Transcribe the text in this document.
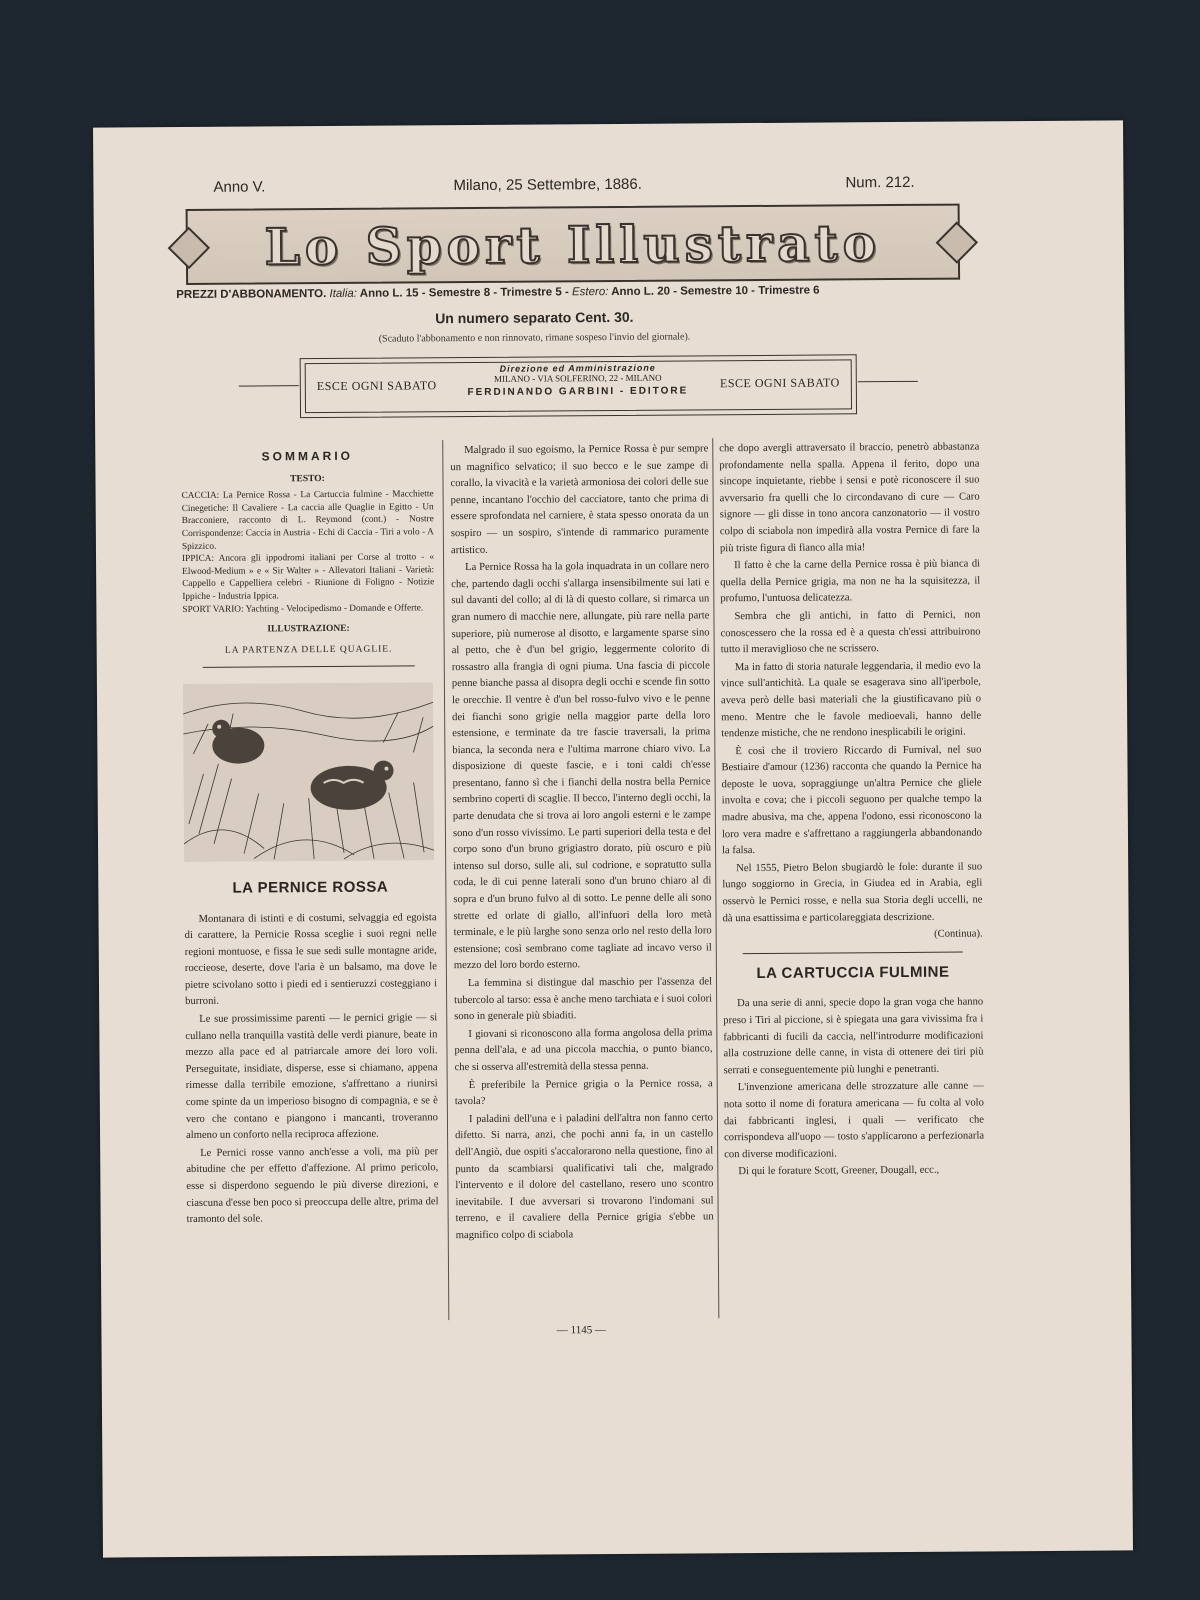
Anno V.	Milano, 25 Settembre, 1886.	Num. 212.
Lo Sport Illustrato
PREZZI D'ABBONAMENTO. Italia: Anno L. 15 - Semestre 8 - Trimestre 5 - Estero: Anno L. 20 - Semestre 10 - Trimestre 6
Un numero separato Cent. 30.
(Scaduto l'abbonamento e non rinnovato, rimane sospeso l'invio del giornale).
ESCE OGNI SABATO
Direzione ed Amministrazione
MILANO - VIA SOLFERINO, 22 - MILANO
FERDINANDO GARBINI - EDITORE
ESCE OGNI SABATO
SOMMARIO
TESTO:

CACCIA: La Pernice Rossa - La Cartuccia fulmine - Macchiette Cinegetiche: Il Cavaliere - La caccia alle Quaglie in Egitto - Un Bracconiere, racconto di L. Reymond (cont.) - Nostre Corrispondenze: Caccia in Austria - Echi di Caccia - Tiri a volo - A Spizzico.

IPPICA: Ancora gli ippodromi italiani per Corse al trotto - « Elwood-Medium » e « Sir Walter » - Allevatori Italiani - Varietà: Cappello e Cappelliera celebri - Riunione di Foligno - Notizie Ippiche - Industria Ippica.

SPORT VARIO: Yachting - Velocipedismo - Domande e Offerte.

ILLUSTRAZIONE:
LA PARTENZA DELLE QUAGLIE.
LA PERNICE ROSSA

Montanara di istinti e di costumi, selvaggia ed egoista di carattere, la Pernicie Rossa sceglie i suoi regni nelle regioni montuose, e fissa le sue sedi sulle montagne aride, roccieose, deserte, dove l'aria è un balsamo, ma dove le pietre scivolano sotto i piedi ed i sentieruzzi costeggiano i burroni.

Le sue prossimissime parenti — le pernici grigie — si cullano nella tranquilla vastità delle verdi pianure, beate in mezzo alla pace ed al patriarcale amore dei loro voli. Perseguitate, insidiate, disperse, esse si chiamano, appena rimesse dalla terribile emozione, s'affrettano a riunirsi come spinte da un imperioso bisogno di compagnia, e se è vero che contano e piangono i mancanti, troveranno almeno un conforto nella reciproca affezione.

Le Pernici rosse vanno anch'esse a voli, ma più per abitudine che per effetto d'affezione. Al primo pericolo, esse si disperdono seguendo le più diverse direzioni, e ciascuna d'esse ben poco si preoccupa delle altre, prima del tramonto del sole.

Malgrado il suo egoismo, la Pernice Rossa è pur sempre un magnifico selvatico; il suo becco e le sue zampe di corallo, la vivacità e la varietà armoniosa dei colori delle sue penne, incantano l'occhio del cacciatore, tanto che prima di essere sprofondata nel carniere, è stata spesso onorata da un sospiro — un sospiro, s'intende di rammarico puramente artistico.

La Pernice Rossa ha la gola inquadrata in un collare nero che, partendo dagli occhi s'allarga insensibilmente sui lati e sul davanti del collo; al di là di questo collare, si rimarca un gran numero di macchie nere, allungate, più rare nella parte superiore, più numerose al disotto, e largamente sparse sino al petto, che è d'un bel grigio, leggermente colorito di rossastro alla frangia di ogni piuma. Una fascia di piccole penne bianche passa al disopra degli occhi e scende fin sotto le orecchie. Il ventre è d'un bel rosso-fulvo vivo e le penne dei fianchi sono grigie nella maggior parte della loro estensione, e terminate da tre fascie traversali, la prima bianca, la seconda nera e l'ultima marrone chiaro vivo. La disposizione di queste fascie, e i toni caldi ch'esse presentano, fanno sì che i fianchi della nostra bella Pernice sembrino coperti di scaglie. Il becco, l'interno degli occhi, la parte denudata che si trova ai loro angoli esterni e le zampe sono d'un rosso vivissimo. Le parti superiori della testa e del corpo sono d'un bruno grigiastro dorato, più oscuro e più intenso sul dorso, sulle ali, sul codrione, e sopratutto sulla coda, le di cui penne laterali sono d'un bruno chiaro al di sopra e d'un bruno fulvo al di sotto. Le penne delle ali sono strette ed orlate di giallo, all'infuori della loro metà terminale, e le più larghe sono senza orlo nel resto della loro estensione; così sembrano come tagliate ad incavo verso il mezzo del loro bordo esterno.

La femmina si distingue dal maschio per l'assenza del tubercolo al tarso: essa è anche meno tarchiata e i suoi colori sono in generale più sbiaditi.

I giovani si riconoscono alla forma angolosa della prima penna dell'ala, e ad una piccola macchia, o punto bianco, che si osserva all'estremità della stessa penna.

È preferibile la Pernice grigia o la Pernice rossa, a tavola?

I paladini dell'una e i paladini dell'altra non fanno certo difetto. Si narra, anzi, che pochi anni fa, in un castello dell'Angiò, due ospiti s'accalorarono nella questione, fino al punto da scambiarsi qualificativi tali che, malgrado l'intervento e il dolore del castellano, resero uno scontro inevitabile. I due avversari si trovarono l'indomani sul terreno, e il cavaliere della Pernice grigia s'ebbe un magnifico colpo di sciabola

che dopo avergli attraversato il braccio, penetrò abbastanza profondamente nella spalla. Appena il ferito, dopo una sincope inquietante, riebbe i sensi e potè riconoscere il suo avversario fra quelli che lo circondavano di cure — Caro signore — gli disse in tono ancora canzonatorio — il vostro colpo di sciabola non impedirà alla vostra Pernice di fare la più triste figura di fianco alla mia!

Il fatto è che la carne della Pernice rossa è più bianca di quella della Pernice grigia, ma non ne ha la squisitezza, il profumo, l'untuosa delicatezza.

Sembra che gli antichi, in fatto di Pernici, non conoscessero che la rossa ed è a questa ch'essi attribuirono tutto il meraviglioso che ne scrissero.

Ma in fatto di storia naturale leggendaria, il medio evo la vince sull'antichità. La quale se esagerava sino all'iperbole, aveva però delle basi materiali che la giustificavano più o meno. Mentre che le favole medioevali, hanno delle tendenze mistiche, che ne rendono inesplicabili le origini.

È così che il troviero Riccardo di Furnival, nel suo Bestiaire d'amour (1236) racconta che quando la Pernice ha deposte le uova, sopraggiunge un'altra Pernice che gliele involta e cova; che i piccoli seguono per qualche tempo la madre abusiva, ma che, appena l'odono, essi riconoscono la loro vera madre e s'affrettano a raggiungerla abbandonando la falsa.

Nel 1555, Pietro Belon sbugiardò le fole: durante il suo lungo soggiorno in Grecia, in Giudea ed in Arabia, egli osservò le Pernici rosse, e nella sua Storia degli uccelli, ne dà una esattissima e particolareggiata descrizione.

(Continua).
LA CARTUCCIA FULMINE

Da una serie di anni, specie dopo la gran voga che hanno preso i Tiri al piccione, si è spiegata una gara vivissima fra i fabbricanti di fucili da caccia, nell'introdurre modificazioni alla costruzione delle canne, in vista di ottenere dei tiri più serrati e conseguentemente più lunghi e penetranti.

L'invenzione americana delle strozzature alle canne — nota sotto il nome di foratura americana — fu colta al volo dai fabbricanti inglesi, i quali — verificato che corrispondeva all'uopo — tosto s'applicarono a perfezionarla con diverse modificazioni.

Di qui le forature Scott, Greener, Dougall, ecc.,

— 1145 —
